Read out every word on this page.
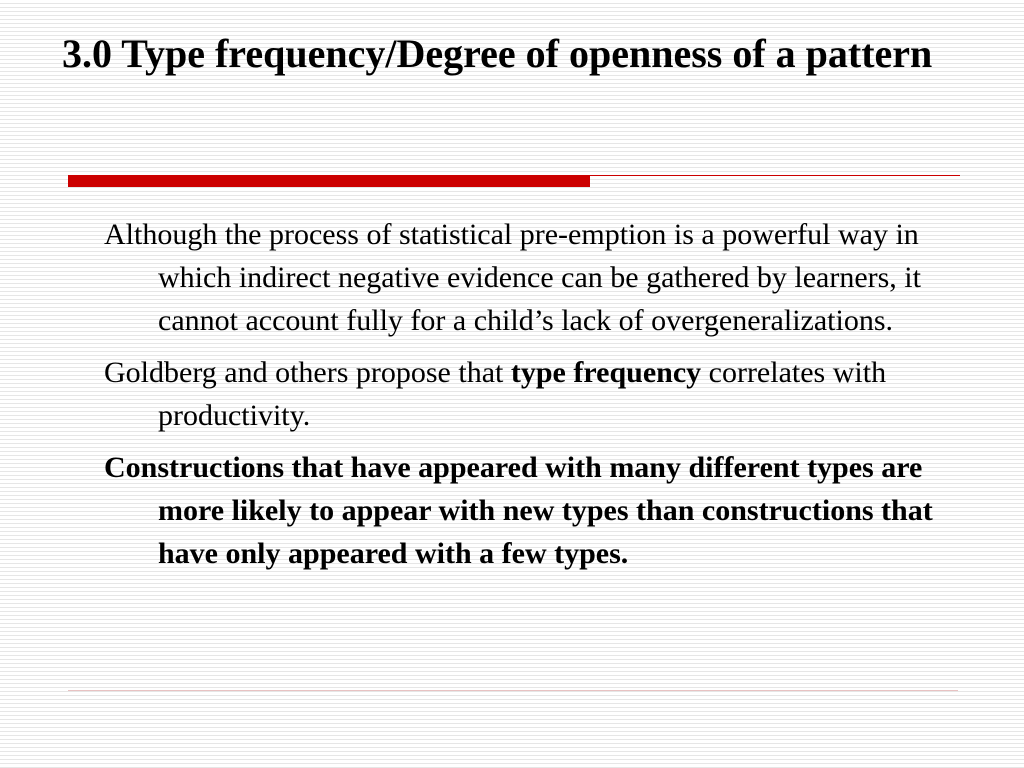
3.0 Type frequency/Degree of openness of a pattern

Although the process of statistical pre-emption is a powerful way in which indirect negative evidence can be gathered by learners, it cannot account fully for a child’s lack of overgeneralizations.

Goldberg and others propose that type frequency correlates with productivity.

Constructions that have appeared with many different types are more likely to appear with new types than constructions that have only appeared with a few types.
